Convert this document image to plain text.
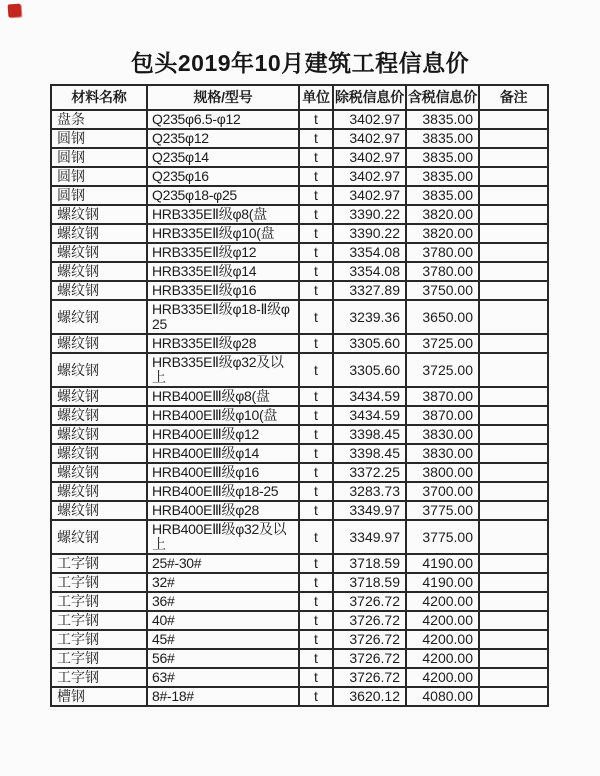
包头2019年10月建筑工程信息价
材料名称	规格/型号	单位	除税信息价	含税信息价	备注
盘条	Q235φ6.5-φ12	t	3402.97	3835.00	
圆钢	Q235φ12	t	3402.97	3835.00	
圆钢	Q235φ14	t	3402.97	3835.00	
圆钢	Q235φ16	t	3402.97	3835.00	
圆钢	Q235φ18-φ25	t	3402.97	3835.00	
螺纹钢	HRB335EⅡ级φ8(盘	t	3390.22	3820.00	
螺纹钢	HRB335EⅡ级φ10(盘	t	3390.22	3820.00	
螺纹钢	HRB335EⅡ级φ12	t	3354.08	3780.00	
螺纹钢	HRB335EⅡ级φ14	t	3354.08	3780.00	
螺纹钢	HRB335EⅡ级φ16	t	3327.89	3750.00	
螺纹钢	HRB335EⅡ级φ18-Ⅱ级φ25	t	3239.36	3650.00	
螺纹钢	HRB335EⅡ级φ28	t	3305.60	3725.00	
螺纹钢	HRB335EⅡ级φ32及以上	t	3305.60	3725.00	
螺纹钢	HRB400EⅢ级φ8(盘	t	3434.59	3870.00	
螺纹钢	HRB400EⅢ级φ10(盘	t	3434.59	3870.00	
螺纹钢	HRB400EⅢ级φ12	t	3398.45	3830.00	
螺纹钢	HRB400EⅢ级φ14	t	3398.45	3830.00	
螺纹钢	HRB400EⅢ级φ16	t	3372.25	3800.00	
螺纹钢	HRB400EⅢ级φ18-25	t	3283.73	3700.00	
螺纹钢	HRB400EⅢ级φ28	t	3349.97	3775.00	
螺纹钢	HRB400EⅢ级φ32及以上	t	3349.97	3775.00	
工字钢	25#-30#	t	3718.59	4190.00	
工字钢	32#	t	3718.59	4190.00	
工字钢	36#	t	3726.72	4200.00	
工字钢	40#	t	3726.72	4200.00	
工字钢	45#	t	3726.72	4200.00	
工字钢	56#	t	3726.72	4200.00	
工字钢	63#	t	3726.72	4200.00	
槽钢	8#-18#	t	3620.12	4080.00	
